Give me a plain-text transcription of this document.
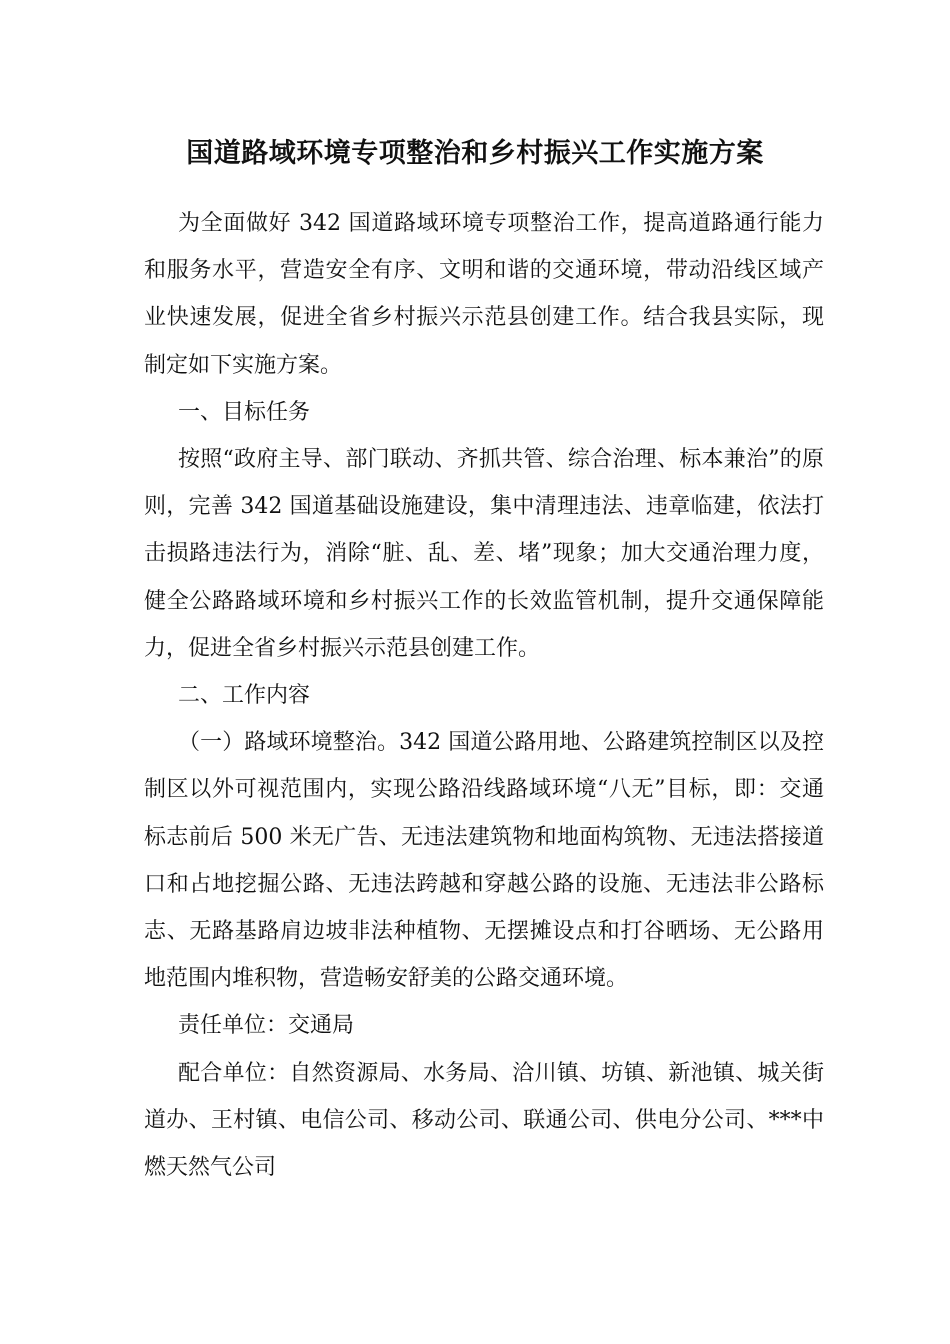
国道路域环境专项整治和乡村振兴工作实施方案

为全面做好 342 国道路域环境专项整治工作，提高道路通行能力和服务水平，营造安全有序、文明和谐的交通环境，带动沿线区域产业快速发展，促进全省乡村振兴示范县创建工作。结合我县实际，现制定如下实施方案。

一、目标任务

按照“政府主导、部门联动、齐抓共管、综合治理、标本兼治”的原则，完善 342 国道基础设施建设，集中清理违法、违章临建，依法打击损路违法行为，消除“脏、乱、差、堵”现象；加大交通治理力度，健全公路路域环境和乡村振兴工作的长效监管机制，提升交通保障能力，促进全省乡村振兴示范县创建工作。

二、工作内容

（一）路域环境整治。342 国道公路用地、公路建筑控制区以及控制区以外可视范围内，实现公路沿线路域环境“八无”目标，即：交通标志前后 500 米无广告、无违法建筑物和地面构筑物、无违法搭接道口和占地挖掘公路、无违法跨越和穿越公路的设施、无违法非公路标志、无路基路肩边坡非法种植物、无摆摊设点和打谷晒场、无公路用地范围内堆积物，营造畅安舒美的公路交通环境。

责任单位：交通局

配合单位：自然资源局、水务局、洽川镇、坊镇、新池镇、城关街道办、王村镇、电信公司、移动公司、联通公司、供电分公司、***中燃天然气公司
